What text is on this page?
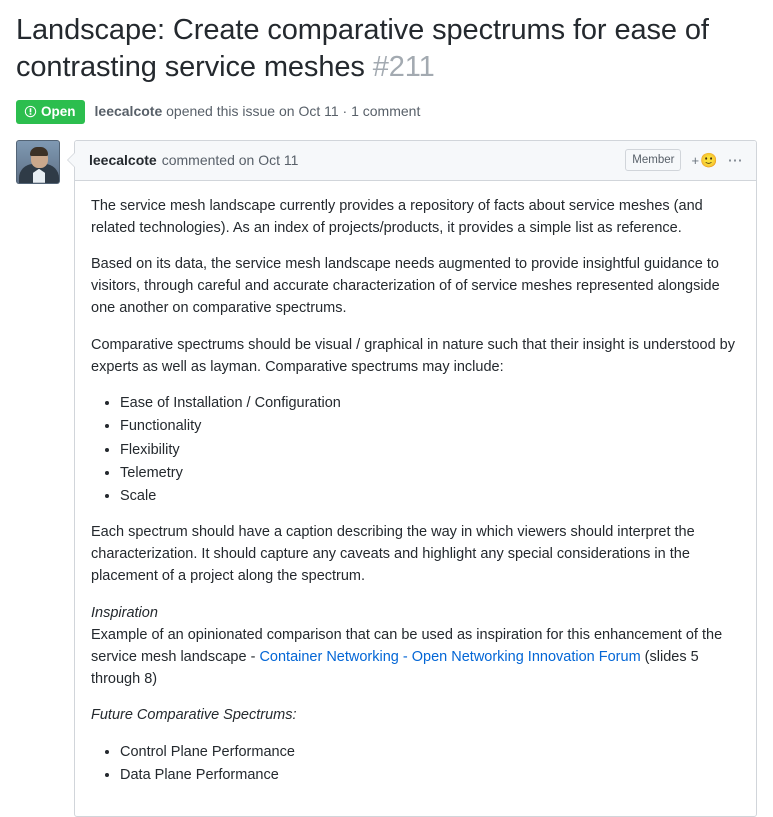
Landscape: Create comparative spectrums for ease of contrasting service meshes #211
Open leecalcote opened this issue on Oct 11 · 1 comment
leecalcote commented on Oct 11	Member	+ 🙂 ⋯

The service mesh landscape currently provides a repository of facts about service meshes (and related technologies). As an index of projects/products, it provides a simple list as reference.

Based on its data, the service mesh landscape needs augmented to provide insightful guidance to visitors, through careful and accurate characterization of of service meshes represented alongside one another on comparative spectrums.

Comparative spectrums should be visual / graphical in nature such that their insight is understood by experts as well as layman. Comparative spectrums may include:

• Ease of Installation / Configuration
• Functionality
• Flexibility
• Telemetry
• Scale

Each spectrum should have a caption describing the way in which viewers should interpret the characterization. It should capture any caveats and highlight any special considerations in the placement of a project along the spectrum.

Inspiration

Example of an opinionated comparison that can be used as inspiration for this enhancement of the service mesh landscape - Container Networking - Open Networking Innovation Forum (slides 5 through 8)

Future Comparative Spectrums:

• Control Plane Performance
• Data Plane Performance
